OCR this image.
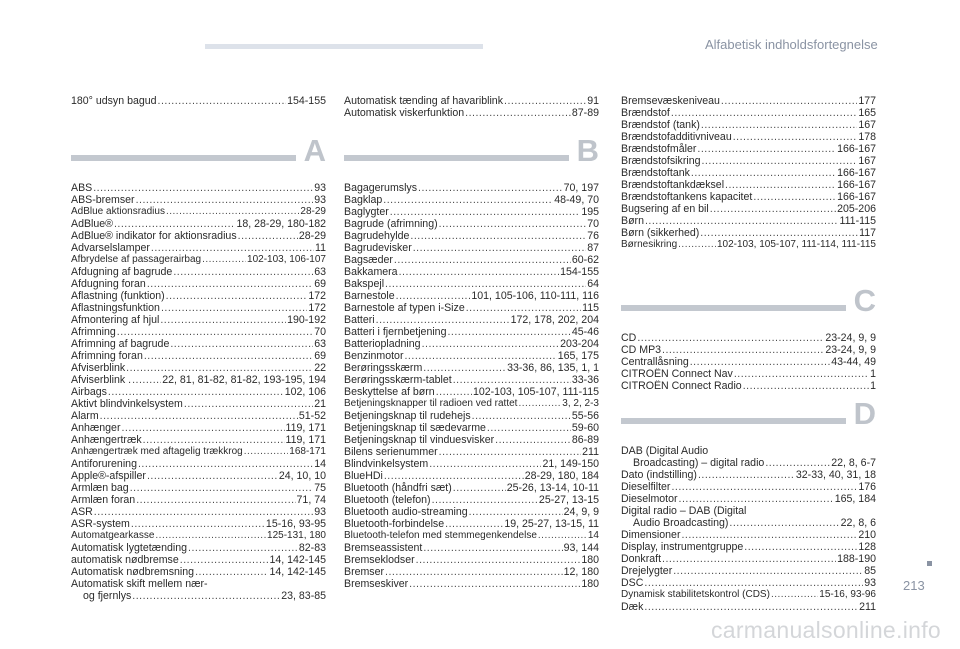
Alfabetisk indholdsfortegnelse
180° udsyn bagud .....	154-155
A
ABS .....	93
ABS-bremser .....	93
AdBlue aktionsradius .....	28-29
AdBlue® .....	18, 28-29, 180-182
AdBlue® indikator for aktionsradius .....	28-29
Advarselslamper .....	11
Afbrydelse af passagerairbag .....	102-103, 106-107
Afdugning af bagrude .....	63
Afdugning foran .....	69
Aflastning (funktion) .....	172
Aflastningsfunktion .....	172
Afmontering af hjul .....	190-192
Afrimning .....	70
Afrimning af bagrude .....	63
Afrimning foran .....	69
Afviserblink .....	22
Afviserblink . .....	22, 81, 81-82, 81-82, 193-195, 194
Airbags .....	102, 106
Aktivt blindvinkelsystem .....	21
Alarm .....	51-52
Anhænger .....	119, 171
Anhængertræk .....	119, 171
Anhængertræk med aftagelig trækkrog .....	168-171
Antiforurening .....	14
Apple®-afspiller .....	24, 10, 10
Armlæn bag .....	75
Armlæn foran .....	71, 74
ASR .....	93
ASR-system .....	15-16, 93-95
Automatgearkasse .....	125-131, 180
Automatisk lygtetænding .....	82-83
automatisk nødbremse .....	14, 142-145
Automatisk nødbremsning .....	14, 142-145
Automatisk skift mellem nær-
og fjernlys .....	23, 83-85
Automatisk tænding af havariblink .....	91
Automatisk viskerfunktion .....	87-89
B
Bagagerumslys .....	70, 197
Bagklap .....	48-49, 70
Baglygter .....	195
Bagrude (afrimning) .....	70
Bagrudehylde .....	76
Bagrudevisker .....	87
Bagsæder .....	60-62
Bakkamera .....	154-155
Bakspejl .....	64
Barnestole .....	101, 105-106, 110-111, 116
Barnestole af typen i-Size .....	115
Batteri .....	172, 178, 202, 204
Batteri i fjernbetjening .....	45-46
Batteriopladning .....	203-204
Benzinmotor .....	165, 175
Berøringsskærm .....	33-36, 86, 135, 1, 1
Berøringsskærm-tablet .....	33-36
Beskyttelse af børn .....	102-103, 105-107, 111-115
Betjeningsknapper til radioen ved rattet .....	3, 2, 2-3
Betjeningsknap til rudehejs .....	55-56
Betjeningsknap til sædevarme .....	59-60
Betjeningsknap til vinduesvisker .....	86-89
Bilens serienummer .....	211
Blindvinkelsystem .....	21, 149-150
BlueHDi .....	28-29, 180, 184
Bluetooth (håndfri sæt) .....	25-26, 13-14, 10-11
Bluetooth (telefon) .....	25-27, 13-15
Bluetooth audio-streaming .....	24, 9, 9
Bluetooth-forbindelse .....	19, 25-27, 13-15, 11
Bluetooth-telefon med stemmegenkendelse .....	14
Bremseassistent .....	93, 144
Bremseklodser .....	180
Bremser .....	12, 180
Bremseskiver .....	180
Bremsevæskeniveau .....	177
Brændstof .....	165
Brændstof (tank) .....	167
Brændstofadditivniveau .....	178
Brændstofmåler .....	166-167
Brændstofsikring .....	167
Brændstoftank .....	166-167
Brændstoftankdæksel .....	166-167
Brændstoftankens kapacitet .....	166-167
Bugsering af en bil .....	205-206
Børn .....	111-115
Børn (sikkerhed) .....	117
Børnesikring .....	102-103, 105-107, 111-114, 111-115
C
CD .....	23-24, 9, 9
CD MP3 .....	23-24, 9, 9
Centrallåsning .....	43-44, 49
CITROËN Connect Nav .....	1
CITROËN Connect Radio .....	1
D
DAB (Digital Audio
Broadcasting) – digital radio .....	22, 8, 6-7
Dato (indstilling) .....	32-33, 40, 31, 18
Dieselfilter .....	176
Dieselmotor .....	165, 184
Digital radio – DAB (Digital
Audio Broadcasting) .....	22, 8, 6
Dimensioner .....	210
Display, instrumentgruppe .....	128
Donkraft .....	188-190
Drejelygter .....	85
DSC .....	93
Dynamisk stabilitetskontrol (CDS) .....	15-16, 93-96
Dæk .....	211
213
carmanualsonline.info
